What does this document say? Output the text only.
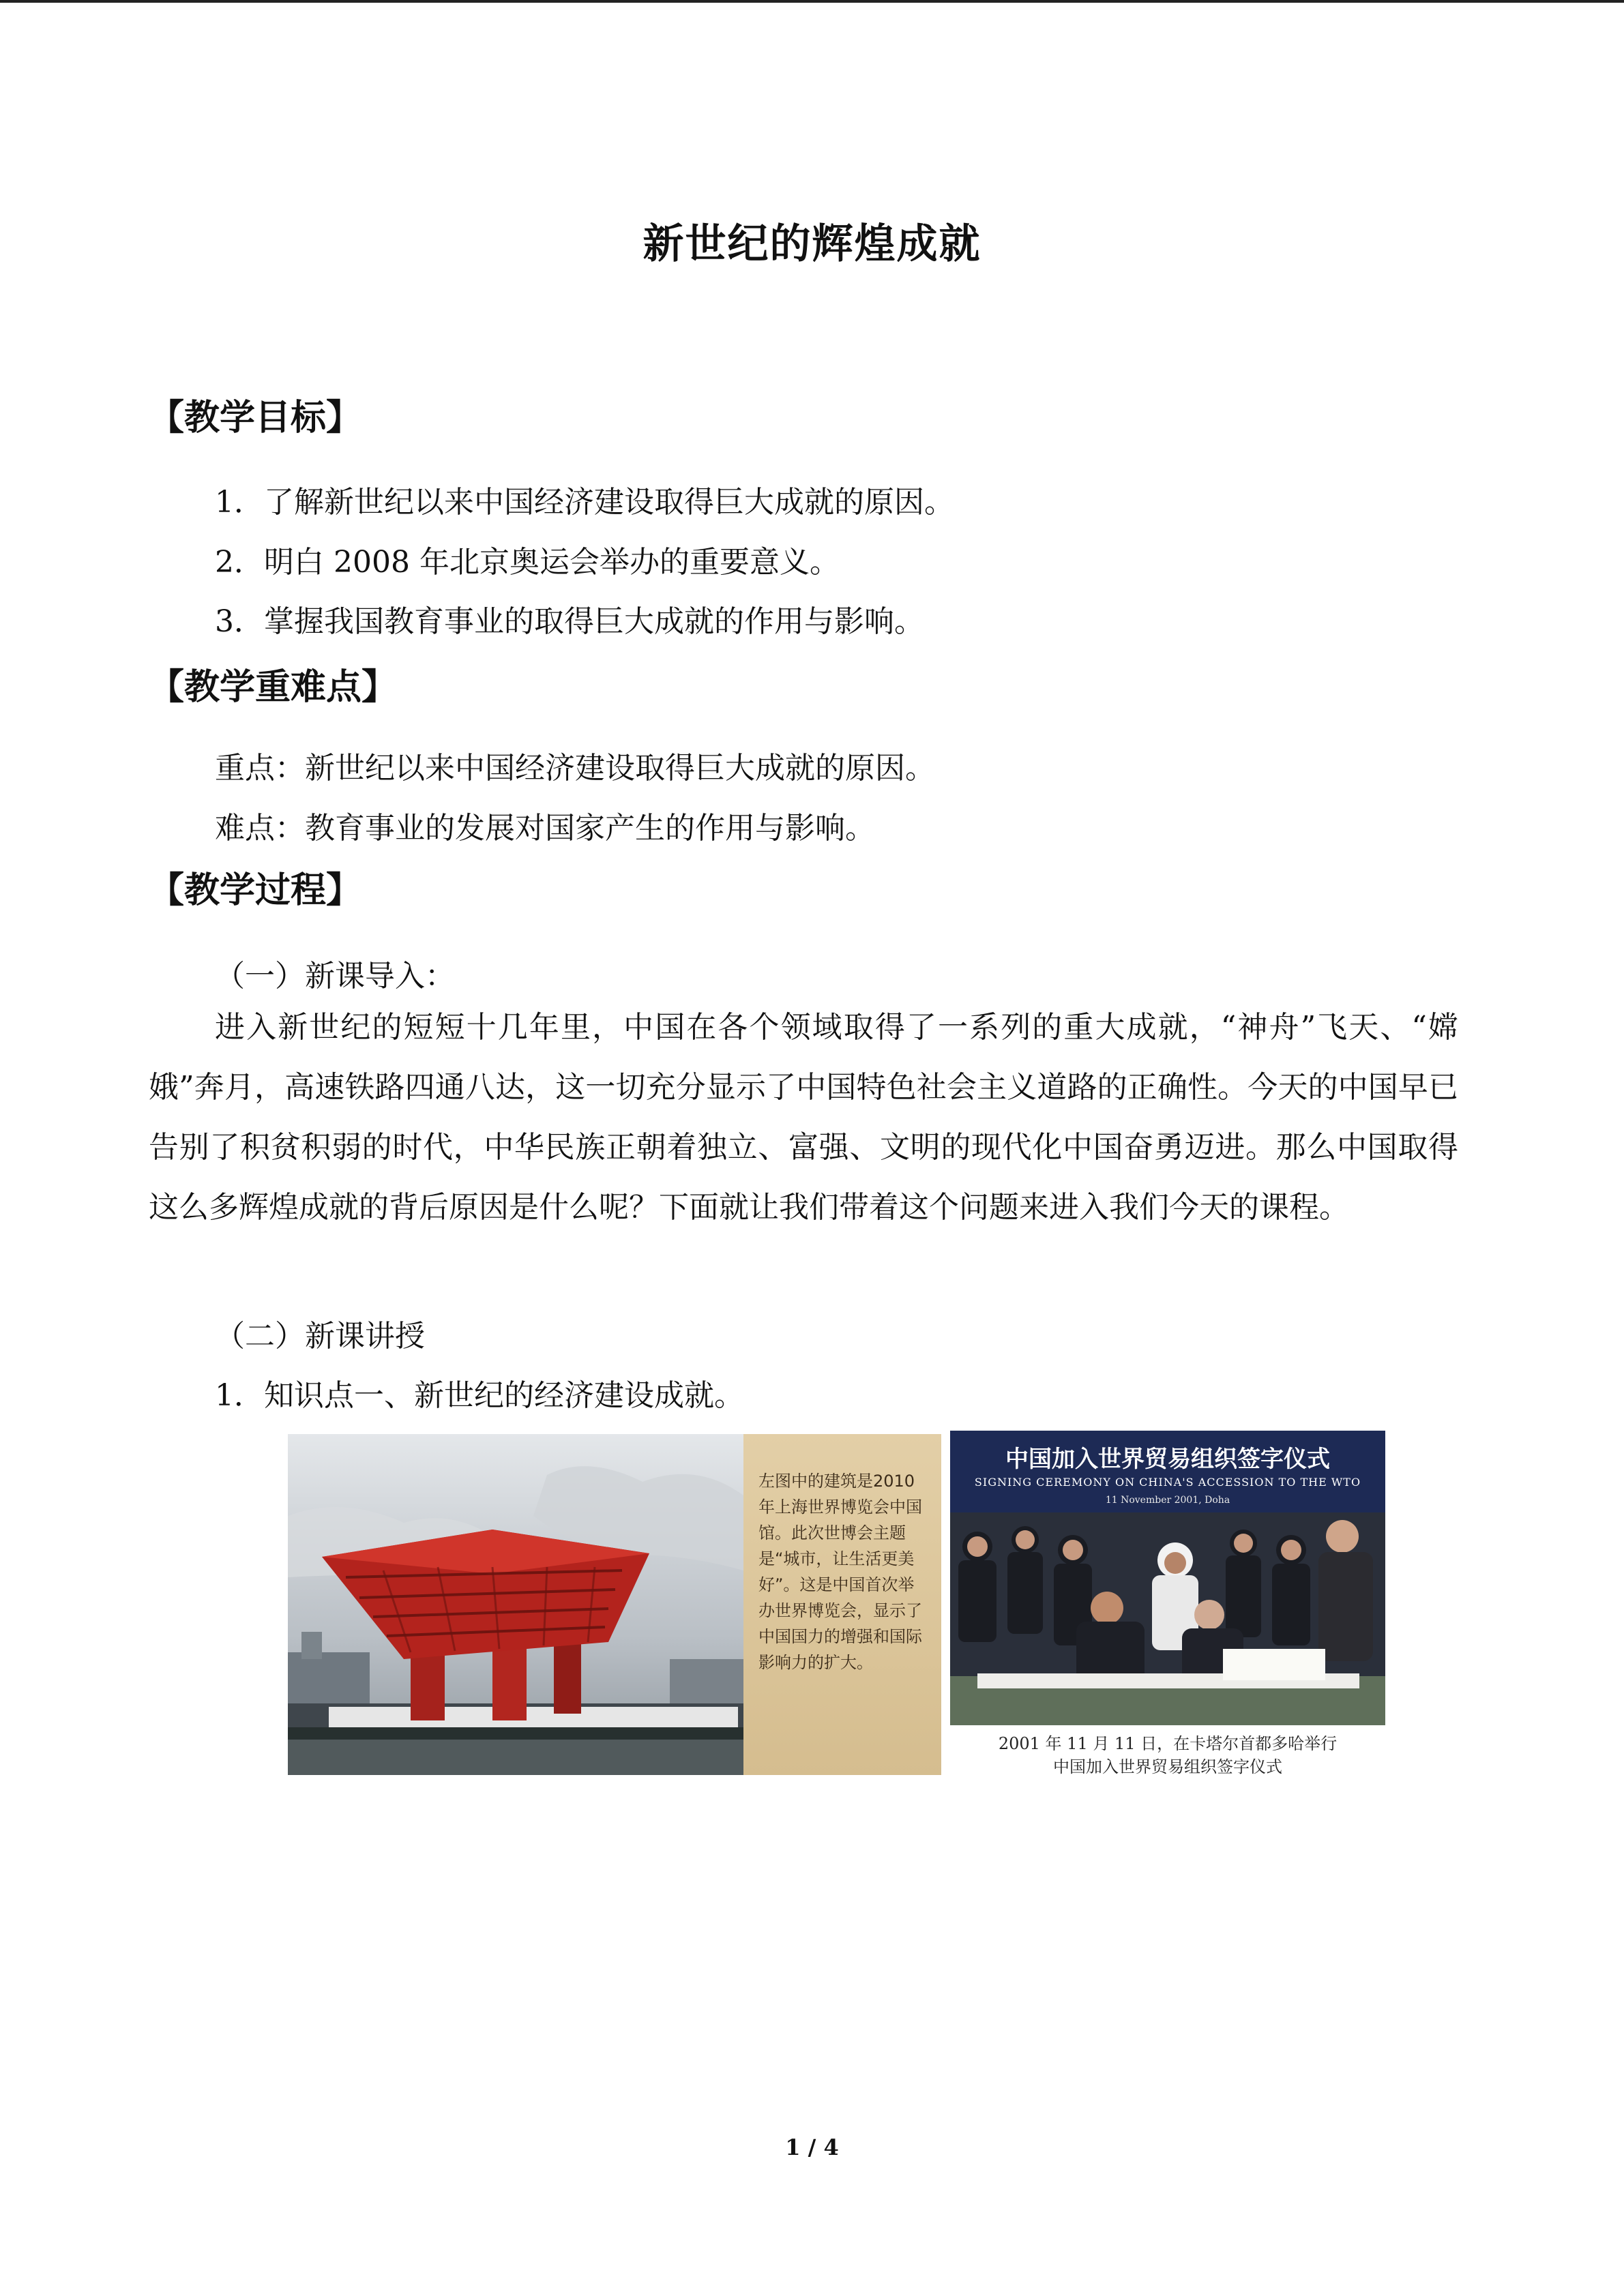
新世纪的辉煌成就
【教学目标】
1．了解新世纪以来中国经济建设取得巨大成就的原因。
2．明白 2008 年北京奥运会举办的重要意义。
3．掌握我国教育事业的取得巨大成就的作用与影响。
【教学重难点】
重点：新世纪以来中国经济建设取得巨大成就的原因。
难点：教育事业的发展对国家产生的作用与影响。
【教学过程】
（一）新课导入：
进入新世纪的短短十几年里，中国在各个领域取得了一系列的重大成就，“神舟”飞天、“嫦娥”奔月，高速铁路四通八达，这一切充分显示了中国特色社会主义道路的正确性。今天的中国早已告别了积贫积弱的时代，中华民族正朝着独立、富强、文明的现代化中国奋勇迈进。那么中国取得这么多辉煌成就的背后原因是什么呢？下面就让我们带着这个问题来进入我们今天的课程。
（二）新课讲授
1．知识点一、新世纪的经济建设成就。
左图中的建筑是2010年上海世界博览会中国馆。此次世博会主题是“城市，让生活更美好”。这是中国首次举办世界博览会，显示了中国国力的增强和国际影响力的扩大。
中国加入世界贸易组织签字仪式
SIGNING CEREMONY ON CHINA'S ACCESSION TO THE WTO
11 November 2001, Doha
2001 年 11 月 11 日，在卡塔尔首都多哈举行
中国加入世界贸易组织签字仪式
1 / 4
